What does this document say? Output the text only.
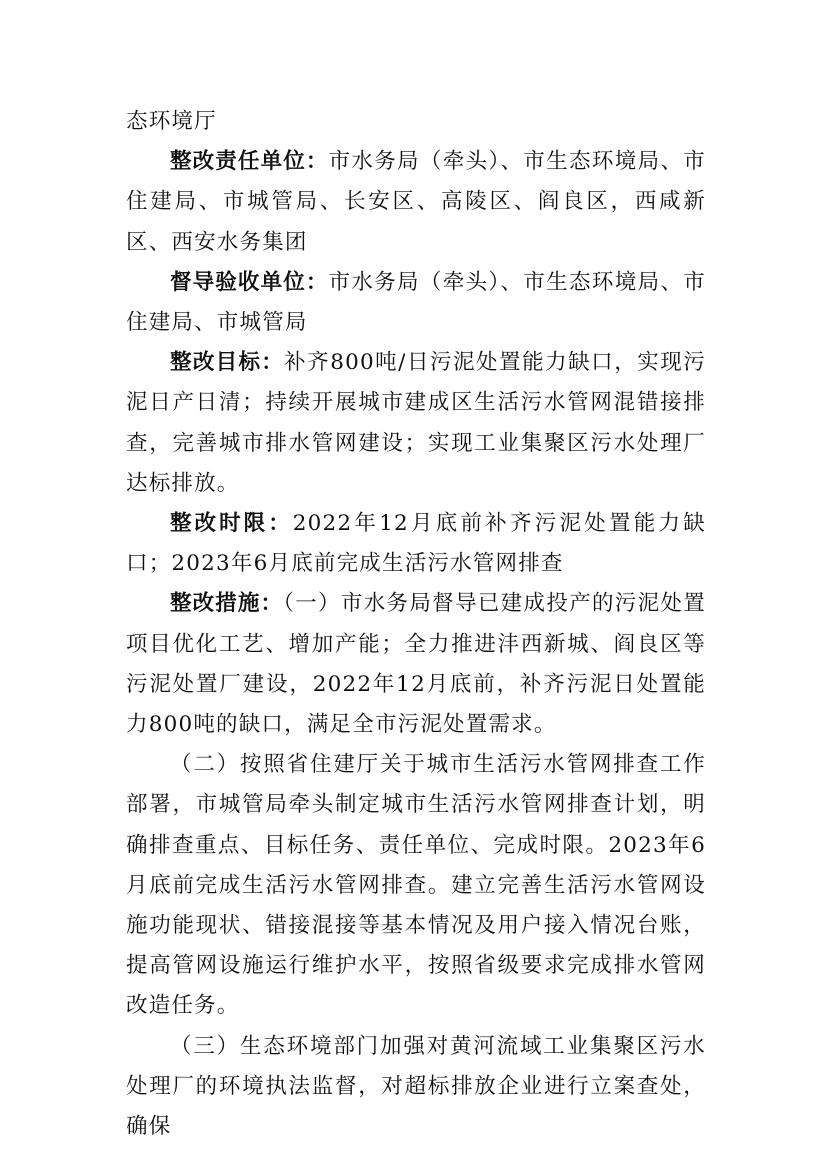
态环境厅

整改责任单位：市水务局（牵头）、市生态环境局、市住建局、市城管局、长安区、高陵区、阎良区，西咸新区、西安水务集团

督导验收单位：市水务局（牵头）、市生态环境局、市住建局、市城管局

整改目标：补齐800吨/日污泥处置能力缺口，实现污泥日产日清；持续开展城市建成区生活污水管网混错接排查，完善城市排水管网建设；实现工业集聚区污水处理厂达标排放。

整改时限：2022年12月底前补齐污泥处置能力缺口；2023年6月底前完成生活污水管网排查

整改措施：（一）市水务局督导已建成投产的污泥处置项目优化工艺、增加产能；全力推进沣西新城、阎良区等污泥处置厂建设，2022年12月底前，补齐污泥日处置能力800吨的缺口，满足全市污泥处置需求。

（二）按照省住建厅关于城市生活污水管网排查工作部署，市城管局牵头制定城市生活污水管网排查计划，明确排查重点、目标任务、责任单位、完成时限。2023年6月底前完成生活污水管网排查。建立完善生活污水管网设施功能现状、错接混接等基本情况及用户接入情况台账，提高管网设施运行维护水平，按照省级要求完成排水管网改造任务。

（三）生态环境部门加强对黄河流域工业集聚区污水处理厂的环境执法监督，对超标排放企业进行立案查处，确保
